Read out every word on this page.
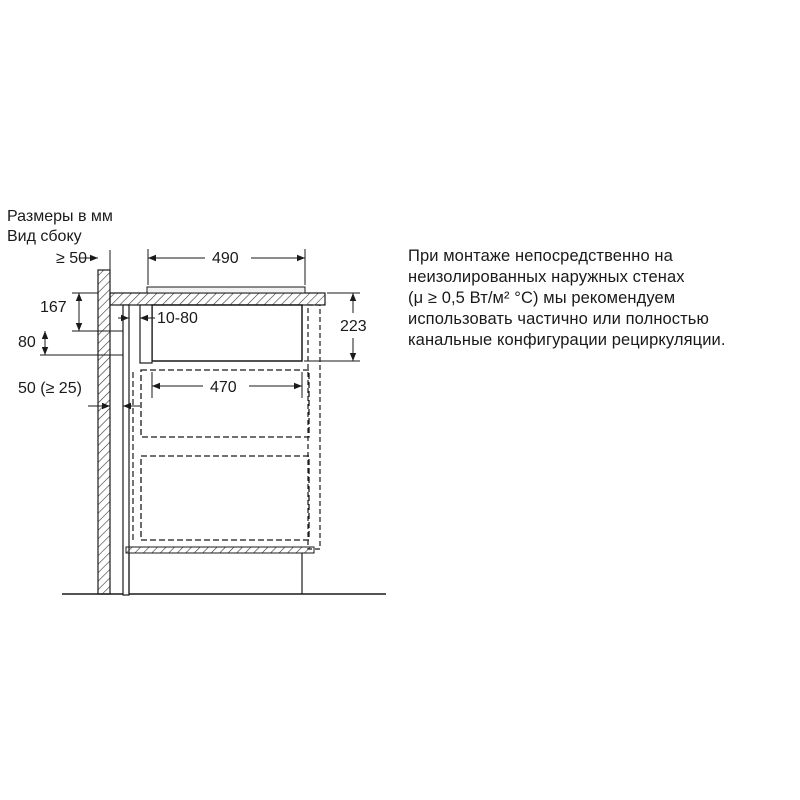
Размеры в мм
Вид сбоку
≥ 50	490
223
167
80
10-80
470
50 (≥ 25)
При монтаже непосредственно на
неизолированных наружных стенах
(μ ≥ 0,5 Вт/м² °C) мы рекомендуем
использовать частично или полностью
канальные конфигурации рециркуляции.
